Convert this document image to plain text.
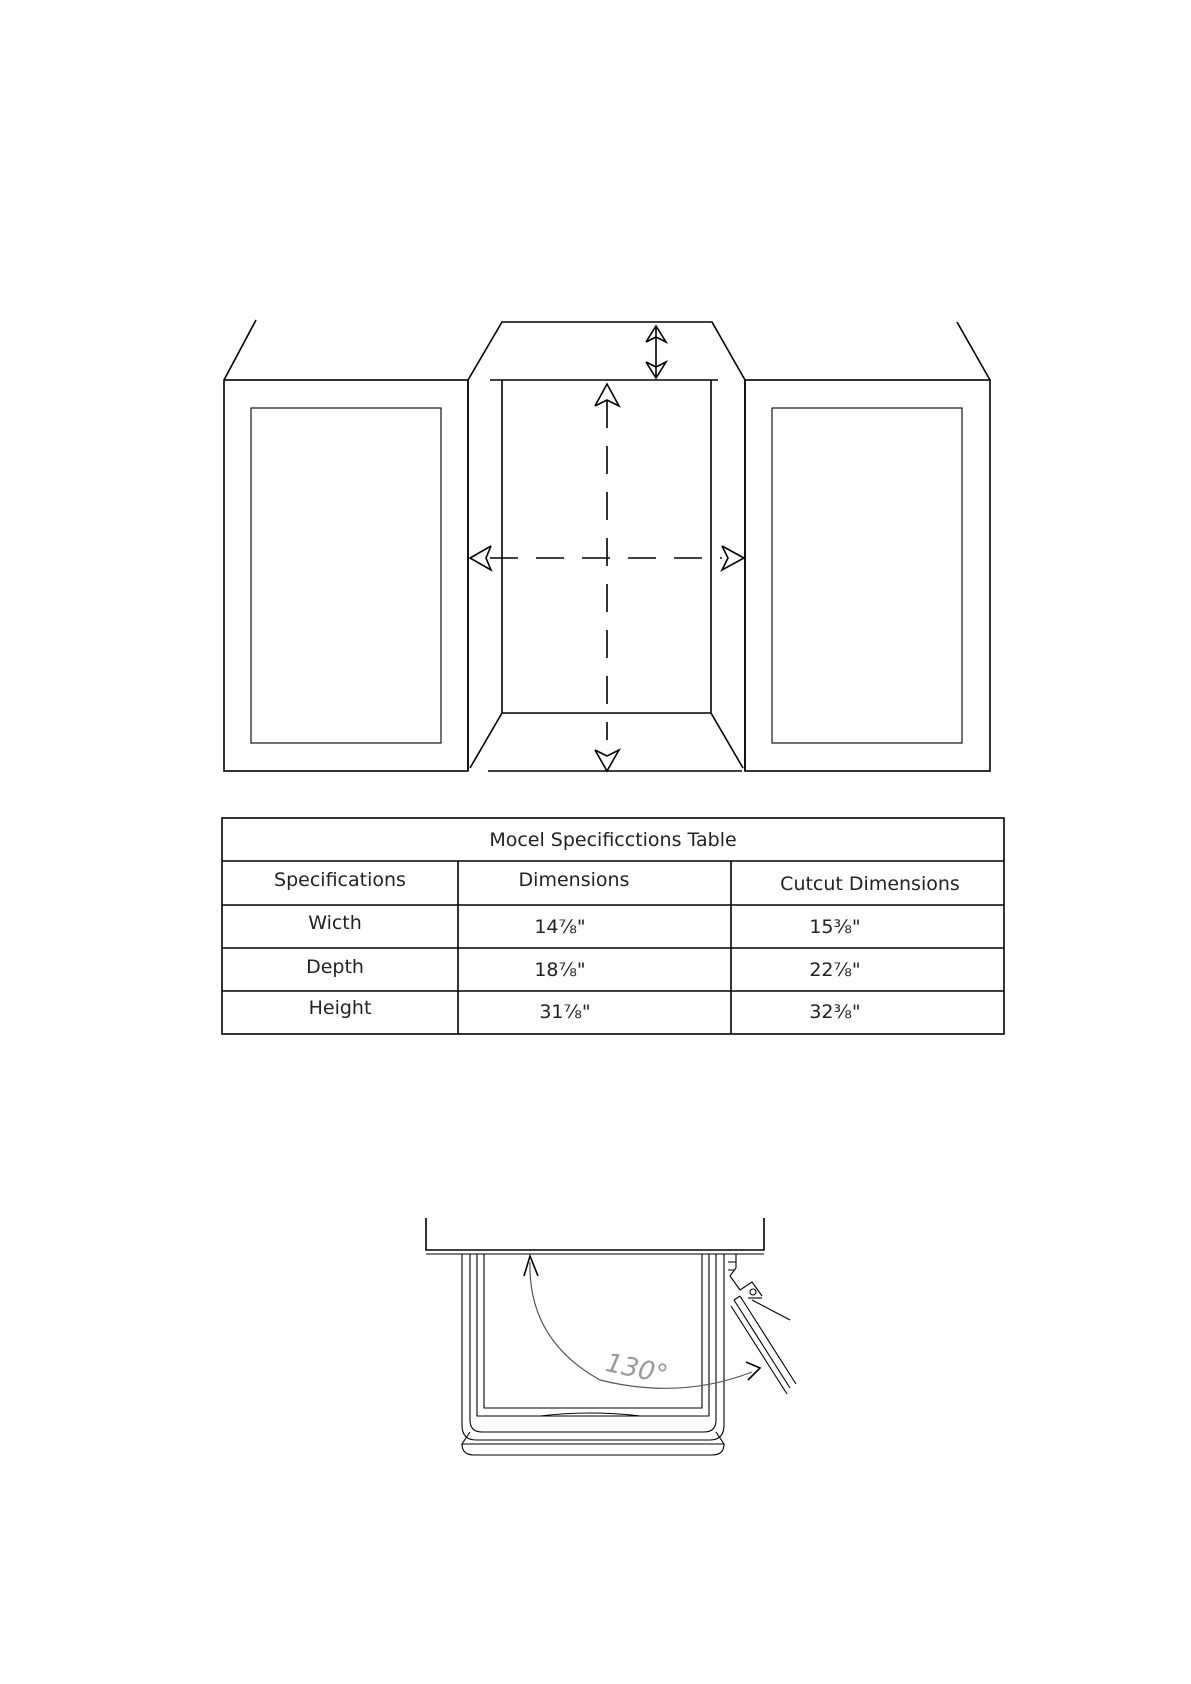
Mocel Specificctions Table
Specifications	Dimensions	Cutcut Dimensions
Wicth	14⅞"	15⅜"
Depth	18⅞"	22⅞"
Height	31⅞"	32⅜"
130°
